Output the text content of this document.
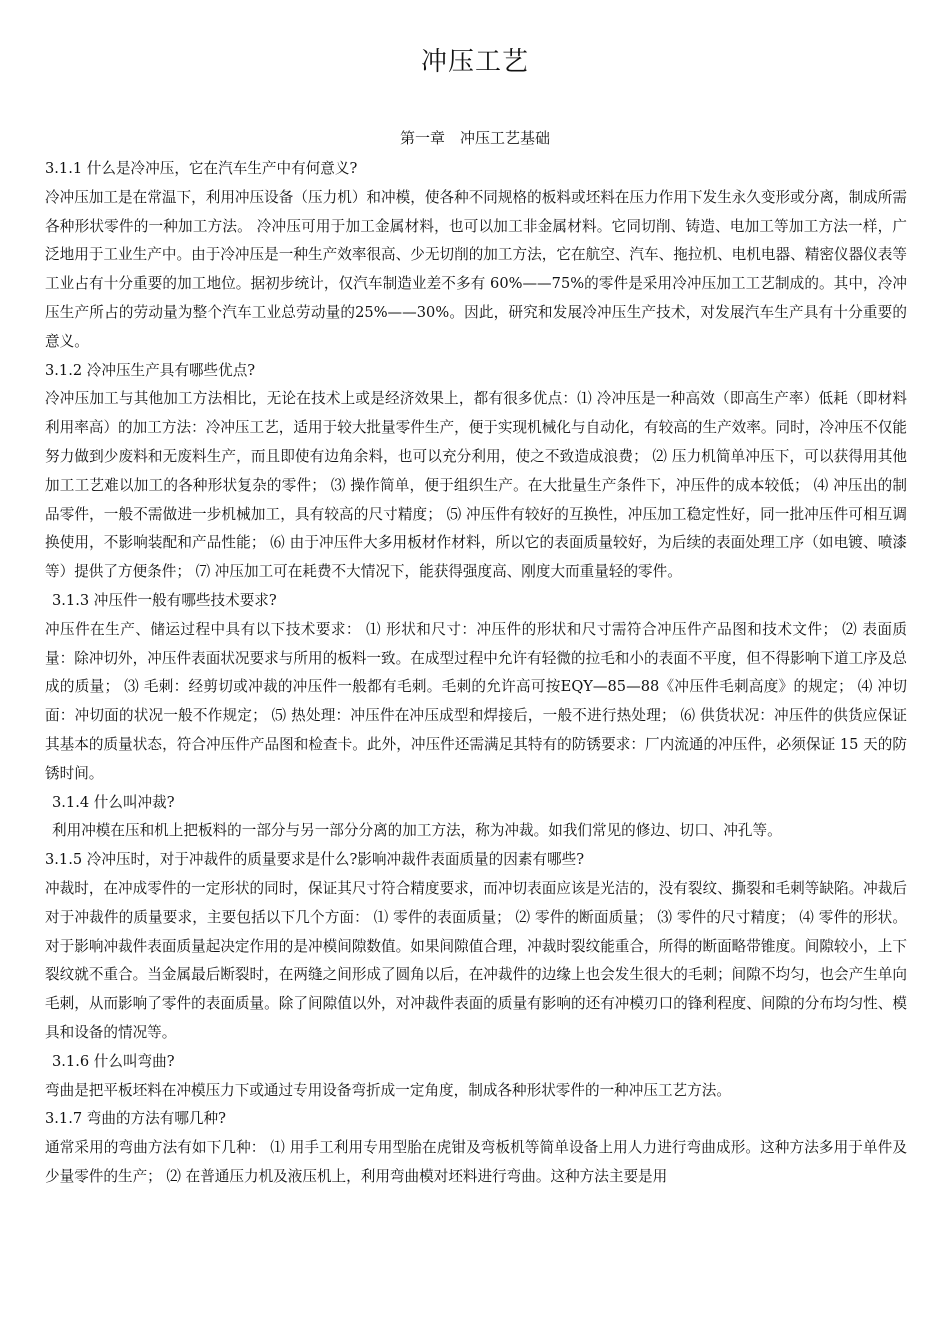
冲压工艺
第一章　冲压工艺基础

3.1.1 什么是冷冲压，它在汽车生产中有何意义?

冷冲压加工是在常温下，利用冲压设备（压力机）和冲模，使各种不同规格的板料或坯料在压力作用下发生永久变形或分离，制成所需各种形状零件的一种加工方法。 冷冲压可用于加工金属材料，也可以加工非金属材料。它同切削、铸造、电加工等加工方法一样，广泛地用于工业生产中。由于冷冲压是一种生产效率很高、少无切削的加工方法，它在航空、汽车、拖拉机、电机电器、精密仪器仪表等工业占有十分重要的加工地位。据初步统计，仅汽车制造业差不多有 60%——75%的零件是采用冷冲压加工工艺制成的。其中，冷冲压生产所占的劳动量为整个汽车工业总劳动量的25%——30%。因此，研究和发展冷冲压生产技术，对发展汽车生产具有十分重要的意义。

3.1.2 冷冲压生产具有哪些优点?

冷冲压加工与其他加工方法相比，无论在技术上或是经济效果上，都有很多优点：⑴ 冷冲压是一种高效（即高生产率）低耗（即材料利用率高）的加工方法：冷冲压工艺，适用于较大批量零件生产，便于实现机械化与自动化，有较高的生产效率。同时，冷冲压不仅能努力做到少废料和无废料生产，而且即使有边角余料，也可以充分利用，使之不致造成浪费； ⑵ 压力机简单冲压下，可以获得用其他加工工艺难以加工的各种形状复杂的零件； ⑶ 操作简单，便于组织生产。在大批量生产条件下，冲压件的成本较低； ⑷ 冲压出的制品零件，一般不需做进一步机械加工，具有较高的尺寸精度； ⑸ 冲压件有较好的互换性，冲压加工稳定性好，同一批冲压件可相互调换使用，不影响装配和产品性能； ⑹ 由于冲压件大多用板材作材料，所以它的表面质量较好，为后续的表面处理工序（如电镀、喷漆等）提供了方便条件； ⑺ 冲压加工可在耗费不大情况下，能获得强度高、刚度大而重量轻的零件。

3.1.3 冲压件一般有哪些技术要求?

冲压件在生产、储运过程中具有以下技术要求： ⑴ 形状和尺寸：冲压件的形状和尺寸需符合冲压件产品图和技术文件； ⑵ 表面质量：除冲切外，冲压件表面状况要求与所用的板料一致。在成型过程中允许有轻微的拉毛和小的表面不平度，但不得影响下道工序及总成的质量； ⑶ 毛刺：经剪切或冲裁的冲压件一般都有毛刺。毛刺的允许高可按EQY—85—88《冲压件毛刺高度》的规定； ⑷ 冲切面：冲切面的状况一般不作规定； ⑸ 热处理：冲压件在冲压成型和焊接后，一般不进行热处理； ⑹ 供货状况：冲压件的供货应保证其基本的质量状态，符合冲压件产品图和检查卡。此外，冲压件还需满足其特有的防锈要求：厂内流通的冲压件，必须保证 15 天的防锈时间。

3.1.4 什么叫冲裁?

利用冲模在压和机上把板料的一部分与另一部分分离的加工方法，称为冲裁。如我们常见的修边、切口、冲孔等。

3.1.5 冷冲压时，对于冲裁件的质量要求是什么?影响冲裁件表面质量的因素有哪些?

冲裁时，在冲成零件的一定形状的同时，保证其尺寸符合精度要求，而冲切表面应该是光洁的，没有裂纹、撕裂和毛刺等缺陷。冲裁后对于冲裁件的质量要求，主要包括以下几个方面： ⑴ 零件的表面质量； ⑵ 零件的断面质量； ⑶ 零件的尺寸精度； ⑷ 零件的形状。 对于影响冲裁件表面质量起决定作用的是冲模间隙数值。如果间隙值合理，冲裁时裂纹能重合，所得的断面略带锥度。间隙较小，上下裂纹就不重合。当金属最后断裂时，在两缝之间形成了圆角以后，在冲裁件的边缘上也会发生很大的毛刺；间隙不均匀，也会产生单向毛刺，从而影响了零件的表面质量。除了间隙值以外，对冲裁件表面的质量有影响的还有冲模刃口的锋利程度、间隙的分布均匀性、模具和设备的情况等。

3.1.6 什么叫弯曲?

弯曲是把平板坯料在冲模压力下或通过专用设备弯折成一定角度，制成各种形状零件的一种冲压工艺方法。

3.1.7 弯曲的方法有哪几种?

通常采用的弯曲方法有如下几种： ⑴ 用手工利用专用型胎在虎钳及弯板机等简单设备上用人力进行弯曲成形。这种方法多用于单件及少量零件的生产； ⑵ 在普通压力机及液压机上，利用弯曲模对坯料进行弯曲。这种方法主要是用
